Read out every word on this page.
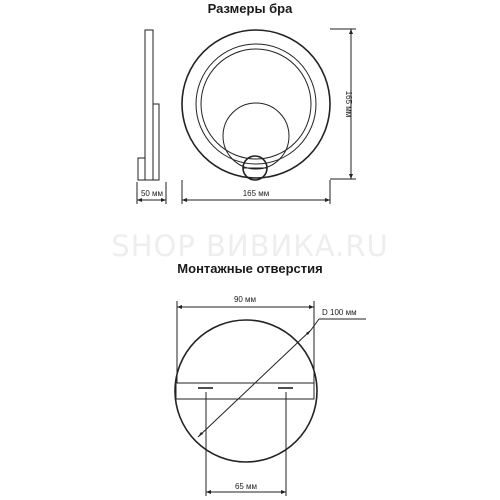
Размеры бра
SHOP ВИВИКA.RU
50 мм	165 мм
165 мм
D 100 мм
90 мм
65 мм
Монтажные отверстия
